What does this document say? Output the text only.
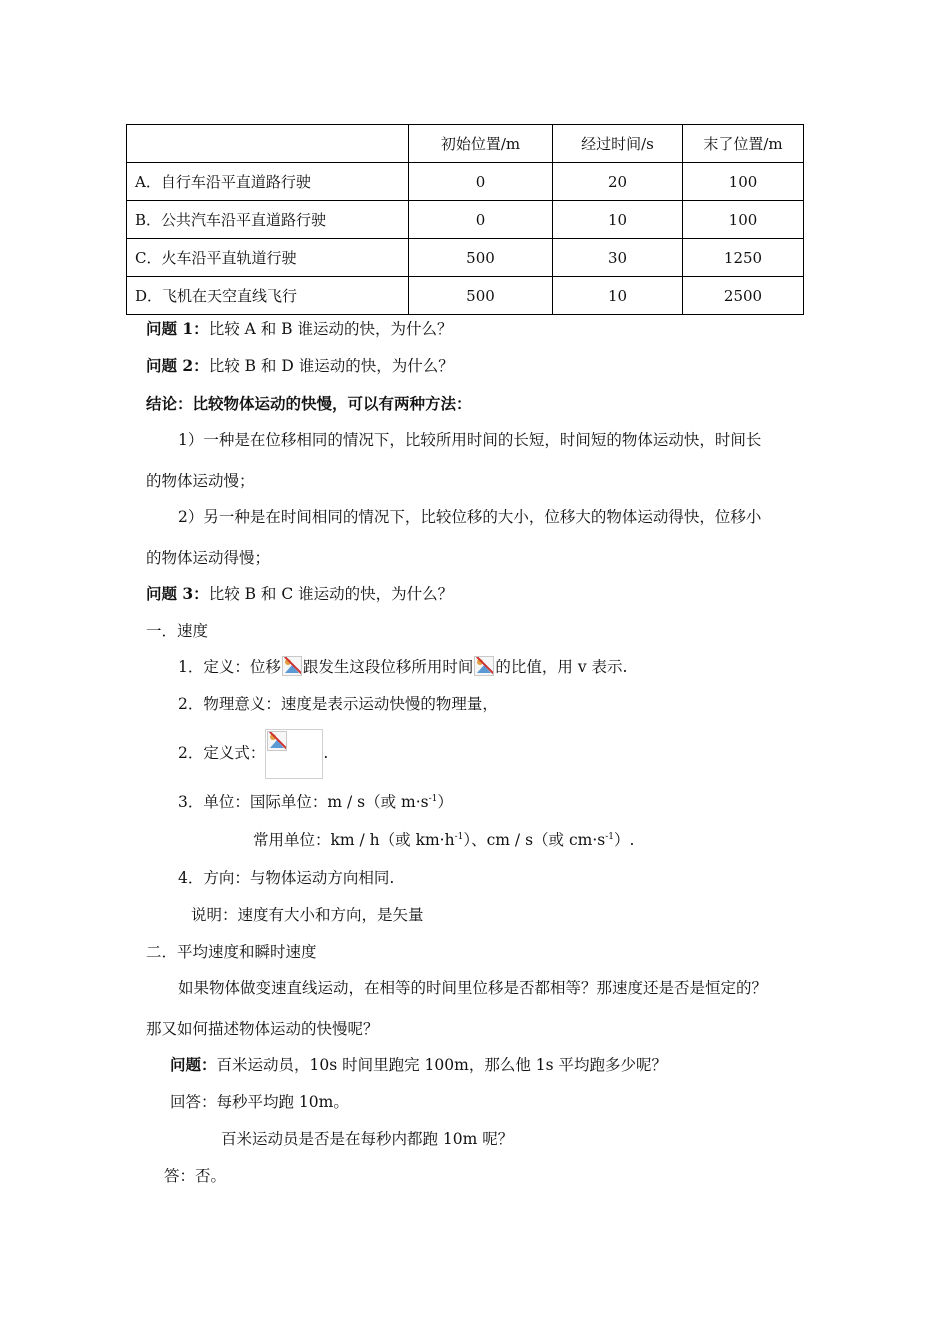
	初始位置/m	经过时间/s	末了位置/m
A．自行车沿平直道路行驶	0	20	100
B．公共汽车沿平直道路行驶	0	10	100
C．火车沿平直轨道行驶	500	30	1250
D．飞机在天空直线飞行	500	10	2500
问题 1：比较 A 和 B 谁运动的快，为什么？
问题 2：比较 B 和 D 谁运动的快，为什么？
结论：比较物体运动的快慢，可以有两种方法：
1）一种是在位移相同的情况下，比较所用时间的长短，时间短的物体运动快，时间长
的物体运动慢；
2）另一种是在时间相同的情况下，比较位移的大小，位移大的物体运动得快，位移小
的物体运动得慢；
问题 3：比较 B 和 C 谁运动的快，为什么？
一．速度
1．定义：位移 跟发生这段位移所用时间 的比值，用 v 表示.
2．物理意义：速度是表示运动快慢的物理量，
2．定义式：	.
3．单位：国际单位：m / s（或 $m\cdot s^{-1}$）
常用单位：km / h（或 $km\cdot h^{-1}$）、cm / s（或 $cm\cdot s^{-1}$）.
4．方向：与物体运动方向相同.
说明：速度有大小和方向，是矢量
二．平均速度和瞬时速度
如果物体做变速直线运动，在相等的时间里位移是否都相等？那速度还是否是恒定的？
那又如何描述物体运动的快慢呢？
问题：百米运动员，10s 时间里跑完 100m，那么他 1s 平均跑多少呢？
回答：每秒平均跑 10m。
百米运动员是否是在每秒内都跑 10m 呢？
答：否。
